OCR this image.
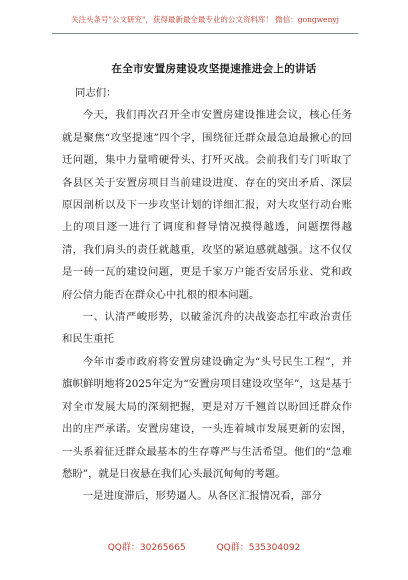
关注头条号"公文研究"，获得最新最全最专业的公文资料库！ 微信：gongwenyj
在全市安置房建设攻坚提速推进会上的讲话

同志们：

今天，我们再次召开全市安置房建设推进会议，核心任务就是聚焦“攻坚提速”四个字，围绕征迁群众最急迫最揪心的回迁问题，集中力量啃硬骨头、打歼灭战。会前我们专门听取了各县区关于安置房项目当前建设进度、存在的突出矛盾、深层原因剖析以及下一步攻坚计划的详细汇报，对大攻坚行动台账上的项目逐一进行了调度和督导情况摸得越透，问题摆得越清，我们肩头的责任就越重，攻坚的紧迫感就越强。这不仅仅是一砖一瓦的建设问题，更是千家万户能否安居乐业、党和政府公信力能否在群众心中扎根的根本问题。

一、认清严峻形势，以破釜沉舟的决战姿态扛牢政治责任和民生重托

今年市委市政府将安置房建设确定为“头号民生工程”，并旗帜鲜明地将2025年定为“安置房项目建设攻坚年”，这是基于对全市发展大局的深刻把握，更是对万千翘首以盼回迁群众作出的庄严承诺。安置房建设，一头连着城市发展更新的宏图，一头系着征迁群众最基本的生存尊严与生活希望。他们的“急难愁盼”，就是日夜悬在我们心头最沉甸甸的考题。

一是进度滞后，形势逼人。从各区汇报情况看，部分

QQ群：30265665	QQ群：535304092
